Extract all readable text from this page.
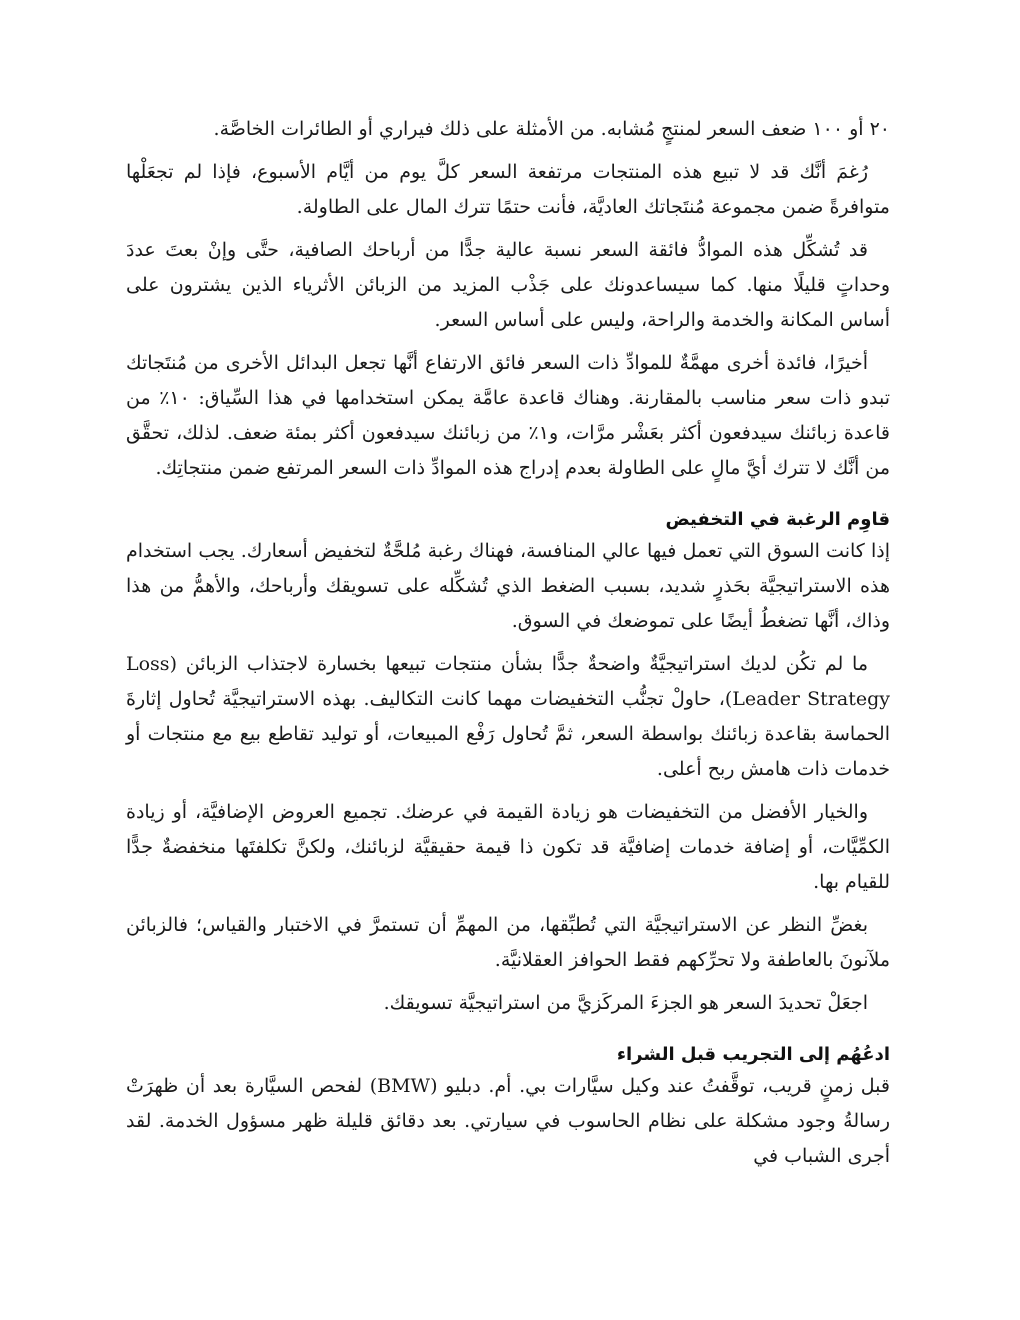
٢٠ أو ١٠٠ ضعف السعر لمنتجٍ مُشابه. من الأمثلة على ذلك فيراري أو الطائرات الخاصَّة.

رُغمَ أنَّك قد لا تبيع هذه المنتجات مرتفعة السعر كلَّ يوم من أيَّام الأسبوع، فإذا لم تجعَلْها متوافرةً ضمن مجموعة مُنتَجاتك العاديَّة، فأنت حتمًا تترك المال على الطاولة.

قد تُشكِّل هذه الموادُّ فائقة السعر نسبة عالية جدًّا من أرباحك الصافية، حتَّى وإنْ بعتَ عددَ وحداتٍ قليلًا منها. كما سيساعدونك على جَذْب المزيد من الزبائن الأثرياء الذين يشترون على أساس المكانة والخدمة والراحة، وليس على أساس السعر.

أخيرًا، فائدة أخرى مهمَّةٌ للموادِّ ذات السعر فائق الارتفاع أنَّها تجعل البدائل الأخرى من مُنتَجاتك تبدو ذات سعر مناسب بالمقارنة. وهناك قاعدة عامَّة يمكن استخدامها في هذا السِّياق: ١٠٪ من قاعدة زبائنك سيدفعون أكثر بعَشْر مرَّات، و١٪ من زبائنك سيدفعون أكثر بمئة ضعف. لذلك، تحقَّق من أنَّك لا تترك أيَّ مالٍ على الطاولة بعدم إدراج هذه الموادِّ ذات السعر المرتفع ضمن منتجاتِك.

قاوِم الرغبة في التخفيض

إذا كانت السوق التي تعمل فيها عالي المنافسة، فهناك رغبة مُلحَّةٌ لتخفيض أسعارك. يجب استخدام هذه الاستراتيجيَّة بحَذرٍ شديد، بسبب الضغط الذي تُشكِّله على تسويقك وأرباحك، والأهمُّ من هذا وذاك، أنَّها تضغطُ أيضًا على تموضعك في السوق.

ما لم تكُن لديك استراتيجيَّةٌ واضحةٌ جدًّا بشأن منتجات تبيعها بخسارة لاجتذاب الزبائن (Loss Leader Strategy)، حاولْ تجنُّب التخفيضات مهما كانت التكاليف. بهذه الاستراتيجيَّة تُحاول إثارةَ الحماسة بقاعدة زبائنك بواسطة السعر، ثمَّ تُحاول رَفْع المبيعات، أو توليد تقاطع بيع مع منتجات أو خدمات ذات هامش ربح أعلى.

والخيار الأفضل من التخفيضات هو زيادة القيمة في عرضك. تجميع العروض الإضافيَّة، أو زيادة الكمِّيَّات، أو إضافة خدمات إضافيَّة قد تكون ذا قيمة حقيقيَّة لزبائنك، ولكنَّ تكلفتَها منخفضةٌ جدًّا للقيام بها.

بغضِّ النظر عن الاستراتيجيَّة التي تُطبِّقها، من المهمِّ أن تستمرَّ في الاختبار والقياس؛ فالزبائن ملآنونَ بالعاطفة ولا تحرِّكهم فقط الحوافز العقلانيَّة.

اجعَلْ تحديدَ السعر هو الجزءَ المركَزيَّ من استراتيجيَّة تسويقك.

ادعُهُم إلى التجريب قبل الشراء

قبل زمنٍ قريب، توقَّفتُ عند وكيل سيَّارات بي. أم. دبليو (BMW) لفحص السيَّارة بعد أن ظهرَتْ رسالةُ وجود مشكلة على نظام الحاسوب في سيارتي. بعد دقائق قليلة ظهر مسؤول الخدمة. لقد أجرى الشباب في
